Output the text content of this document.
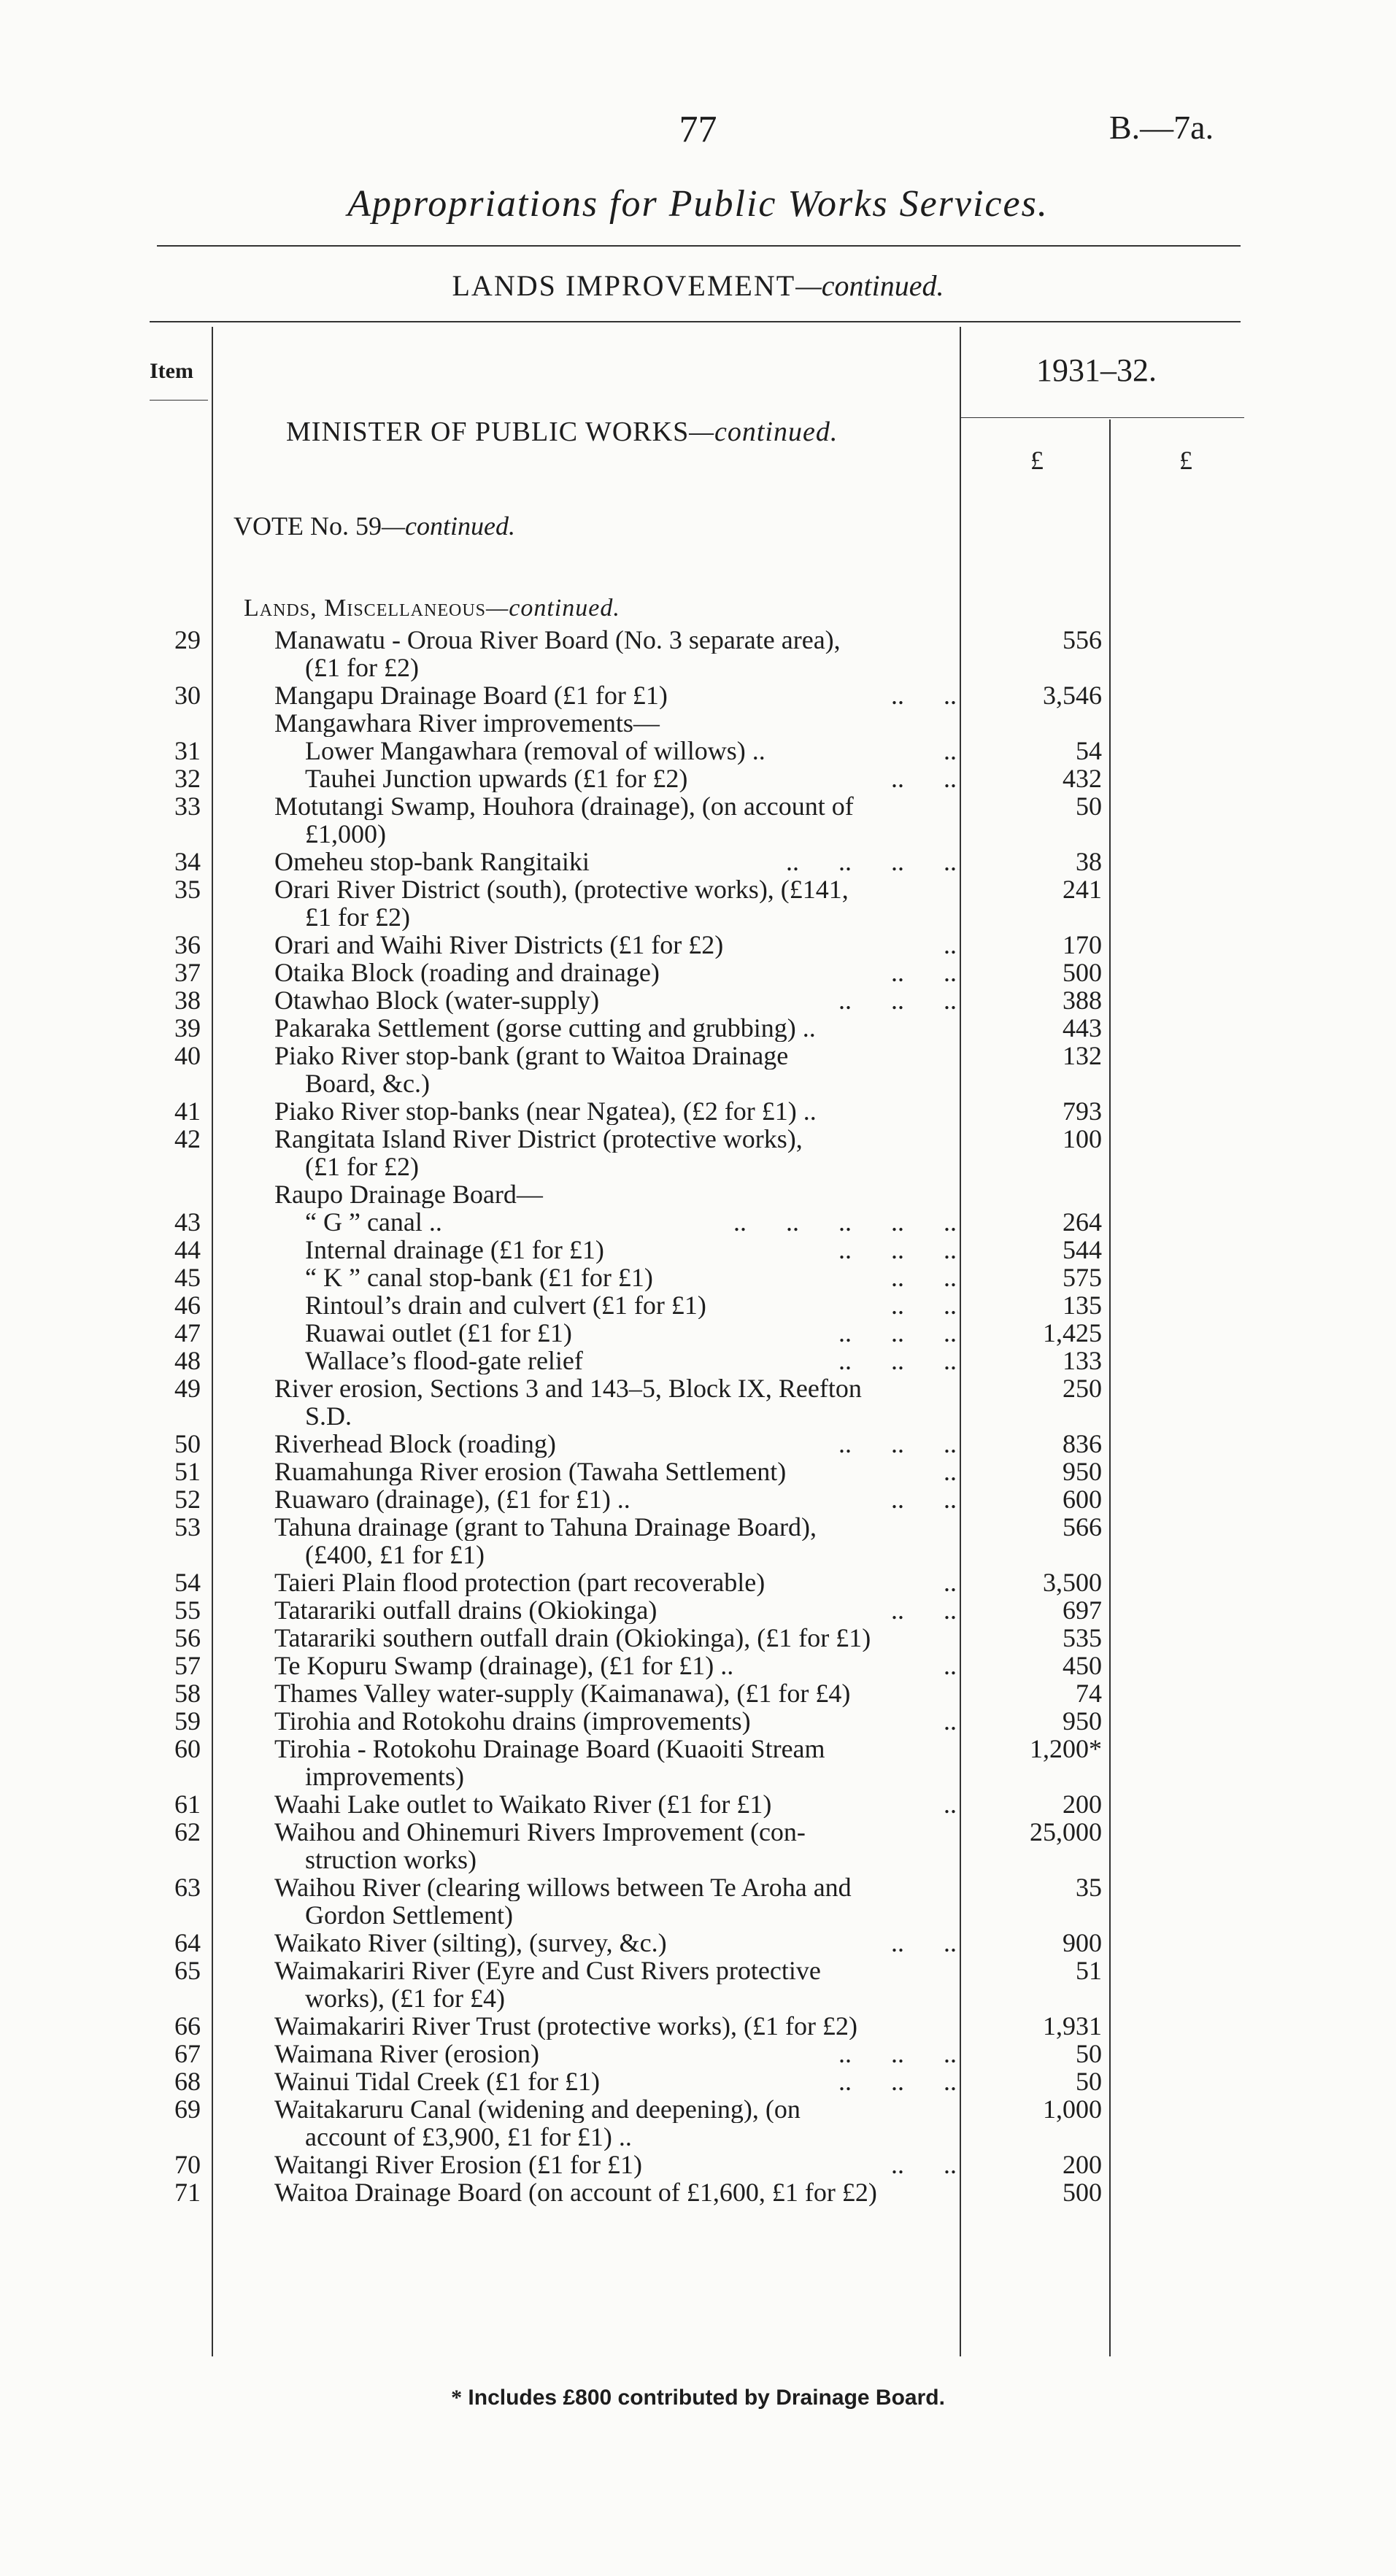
77	B.—7a.
Appropriations for Public Works Services.
LANDS IMPROVEMENT—continued.
Item	1931–32.
MINISTER OF PUBLIC WORKS—continued.
£	£
VOTE No. 59—continued.
Lands, Miscellaneous—continued.
29	Manawatu - Oroua River Board (No. 3 separate area),	556
(£1 for £2)
30	Mangapu Drainage Board (£1 for £1)	..      ..	3,546
Mangawhara River improvements—
31	Lower Mangawhara (removal of willows) ..	..	54
32	Tauhei Junction upwards (£1 for £2)	..      ..	432
33	Motutangi Swamp, Houhora (drainage), (on account of	50
£1,000)
34	Omeheu stop-bank Rangitaiki	..      ..      ..      ..	38
35	Orari River District (south), (protective works), (£141,	241
£1 for £2)
36	Orari and Waihi River Districts (£1 for £2)	..	170
37	Otaika Block (roading and drainage)	..      ..	500
38	Otawhao Block (water-supply)	..      ..      ..	388
39	Pakaraka Settlement (gorse cutting and grubbing) ..	443
40	Piako River stop-bank (grant to Waitoa Drainage	132
Board, &c.)
41	Piako River stop-banks (near Ngatea), (£2 for £1) ..	793
42	Rangitata Island River District (protective works),	100
(£1 for £2)
Raupo Drainage Board—
43	“ G ” canal ..	..      ..      ..      ..      ..	264
44	Internal drainage (£1 for £1)	..      ..      ..	544
45	“ K ” canal stop-bank (£1 for £1)	..      ..	575
46	Rintoul’s drain and culvert (£1 for £1)	..      ..	135
47	Ruawai outlet (£1 for £1)	..      ..      ..	1,425
48	Wallace’s flood-gate relief	..      ..      ..	133
49	River erosion, Sections 3 and 143–5, Block IX, Reefton	250
S.D.
50	Riverhead Block (roading)	..      ..      ..	836
51	Ruamahunga River erosion (Tawaha Settlement)	..	950
52	Ruawaro (drainage), (£1 for £1) ..	..      ..	600
53	Tahuna drainage (grant to Tahuna Drainage Board),	566
(£400, £1 for £1)
54	Taieri Plain flood protection (part recoverable)	..	3,500
55	Tatarariki outfall drains (Okiokinga)	..      ..	697
56	Tatarariki southern outfall drain (Okiokinga), (£1 for £1)	535
57	Te Kopuru Swamp (drainage), (£1 for £1) ..	..	450
58	Thames Valley water-supply (Kaimanawa), (£1 for £4)	74
59	Tirohia and Rotokohu drains (improvements)	..	950
60	Tirohia - Rotokohu Drainage Board (Kuaoiti Stream	1,200*
improvements)
61	Waahi Lake outlet to Waikato River (£1 for £1)	..	200
62	Waihou and Ohinemuri Rivers Improvement (con-	25,000
struction works)
63	Waihou River (clearing willows between Te Aroha and	35
Gordon Settlement)
64	Waikato River (silting), (survey, &c.)	..      ..	900
65	Waimakariri River (Eyre and Cust Rivers protective	51
works), (£1 for £4)
66	Waimakariri River Trust (protective works), (£1 for £2)	1,931
67	Waimana River (erosion)	..      ..      ..	50
68	Wainui Tidal Creek (£1 for £1)	..      ..      ..	50
69	Waitakaruru Canal (widening and deepening), (on	1,000
account of £3,900, £1 for £1) ..
70	Waitangi River Erosion (£1 for £1)	..      ..	200
71	Waitoa Drainage Board (on account of £1,600, £1 for £2)	500
* Includes £800 contributed by Drainage Board.
